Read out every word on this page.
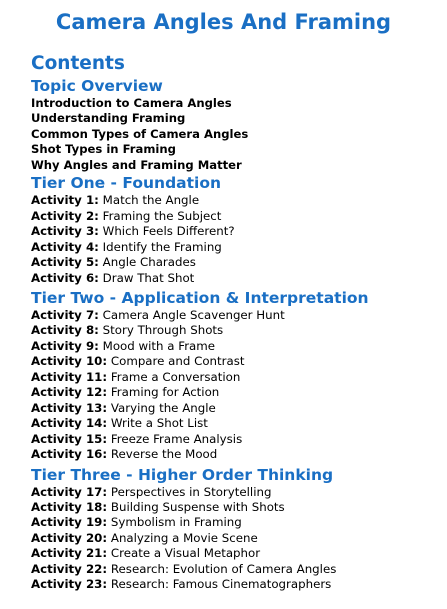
Camera Angles And Framing
Contents
Topic Overview
Introduction to Camera Angles
Understanding Framing
Common Types of Camera Angles
Shot Types in Framing
Why Angles and Framing Matter
Tier One - Foundation
Activity 1: Match the Angle
Activity 2: Framing the Subject
Activity 3: Which Feels Different?
Activity 4: Identify the Framing
Activity 5: Angle Charades
Activity 6: Draw That Shot
Tier Two - Application & Interpretation
Activity 7: Camera Angle Scavenger Hunt
Activity 8: Story Through Shots
Activity 9: Mood with a Frame
Activity 10: Compare and Contrast
Activity 11: Frame a Conversation
Activity 12: Framing for Action
Activity 13: Varying the Angle
Activity 14: Write a Shot List
Activity 15: Freeze Frame Analysis
Activity 16: Reverse the Mood
Tier Three - Higher Order Thinking
Activity 17: Perspectives in Storytelling
Activity 18: Building Suspense with Shots
Activity 19: Symbolism in Framing
Activity 20: Analyzing a Movie Scene
Activity 21: Create a Visual Metaphor
Activity 22: Research: Evolution of Camera Angles
Activity 23: Research: Famous Cinematographers
